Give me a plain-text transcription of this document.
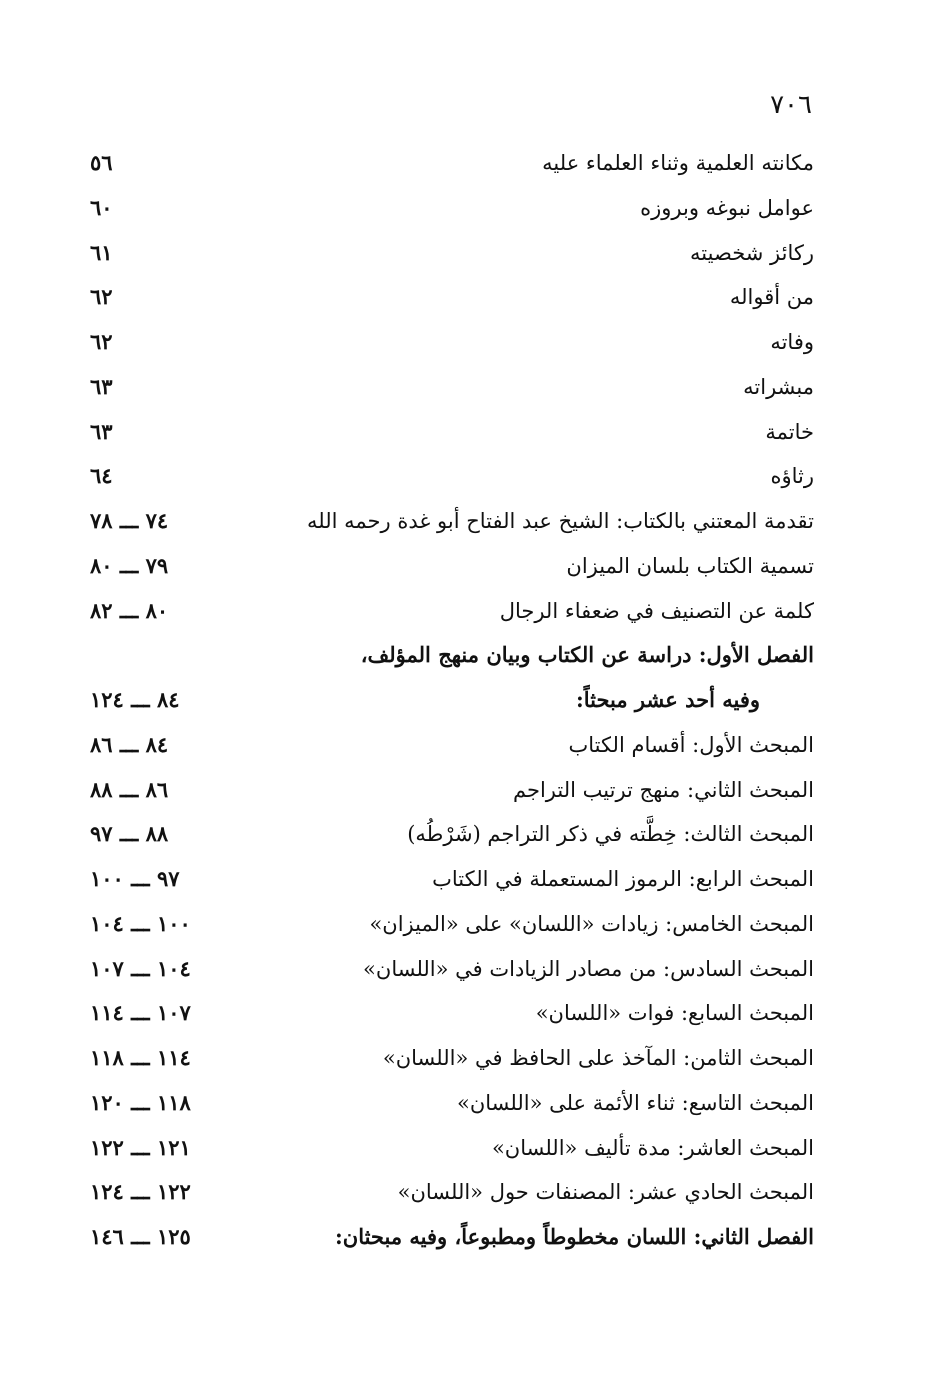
٧٠٦
مكانته العلمية وثناء العلماء عليه
٥٦
عوامل نبوغه وبروزه
٦٠
ركائز شخصيته
٦١
من أقواله
٦٢
وفاته
٦٢
مبشراته
٦٣
خاتمة
٦٣
رثاؤه
٦٤
تقدمة المعتني بالكتاب: الشيخ عبد الفتاح أبو غدة رحمه الله
٧٤ ـــ ٧٨
تسمية الكتاب بلسان الميزان
٧٩ ـــ ٨٠
كلمة عن التصنيف في ضعفاء الرجال
٨٠ ـــ ٨٢
الفصل الأول: دراسة عن الكتاب وبيان منهج المؤلف،
وفيه أحد عشر مبحثاً:
٨٤ ـــ ١٢٤
المبحث الأول: أقسام الكتاب
٨٤ ـــ ٨٦
المبحث الثاني: منهج ترتيب التراجم
٨٦ ـــ ٨٨
المبحث الثالث: خِطَّته في ذكر التراجم (شَرْطُه)
٨٨ ـــ ٩٧
المبحث الرابع: الرموز المستعملة في الكتاب
٩٧ ـــ ١٠٠
المبحث الخامس: زيادات «اللسان» على «الميزان»
١٠٠ ـــ ١٠٤
المبحث السادس: من مصادر الزيادات في «اللسان»
١٠٤ ـــ ١٠٧
المبحث السابع: فوات «اللسان»
١٠٧ ـــ ١١٤
المبحث الثامن: المآخذ على الحافظ في «اللسان»
١١٤ ـــ ١١٨
المبحث التاسع: ثناء الأئمة على «اللسان»
١١٨ ـــ ١٢٠
المبحث العاشر: مدة تأليف «اللسان»
١٢١ ـــ ١٢٢
المبحث الحادي عشر: المصنفات حول «اللسان»
١٢٢ ـــ ١٢٤
الفصل الثاني: اللسان مخطوطاً ومطبوعاً، وفيه مبحثان:
١٢٥ ـــ ١٤٦
